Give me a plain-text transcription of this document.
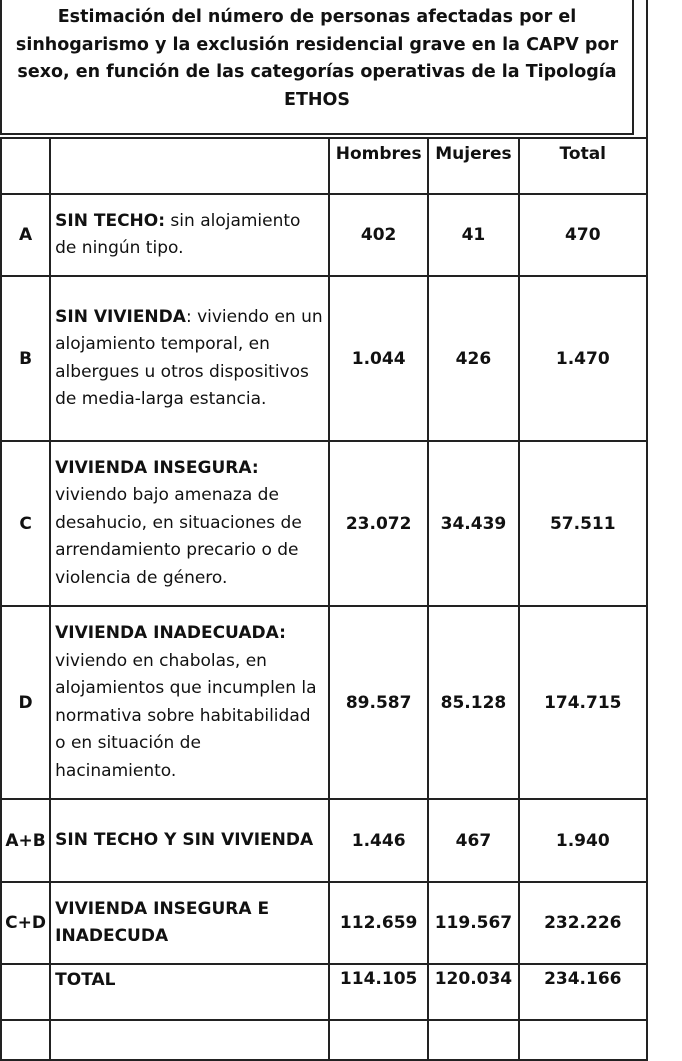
Estimación del número de personas afectadas por el sinhogarismo y la exclusión residencial grave en la CAPV por sexo, en función de las categorías operativas de la Tipología ETHOS
		Hombres	Mujeres	Total
A	SIN TECHO: sin alojamiento de ningún tipo.	402	41	470
B	SIN VIVIENDA: viviendo en un alojamiento temporal, en albergues u otros dispositivos de media-larga estancia.	1.044	426	1.470
C	VIVIENDA INSEGURA: viviendo bajo amenaza de desahucio, en situaciones de arrendamiento precario o de violencia de género.	23.072	34.439	57.511
D	VIVIENDA INADECUADA: viviendo en chabolas, en alojamientos que incumplen la normativa sobre habitabilidad o en situación de hacinamiento.	89.587	85.128	174.715
A+B	SIN TECHO Y SIN VIVIENDA	1.446	467	1.940
C+D	VIVIENDA INSEGURA E INADECUDA	112.659	119.567	232.226
	TOTAL	114.105	120.034	234.166
